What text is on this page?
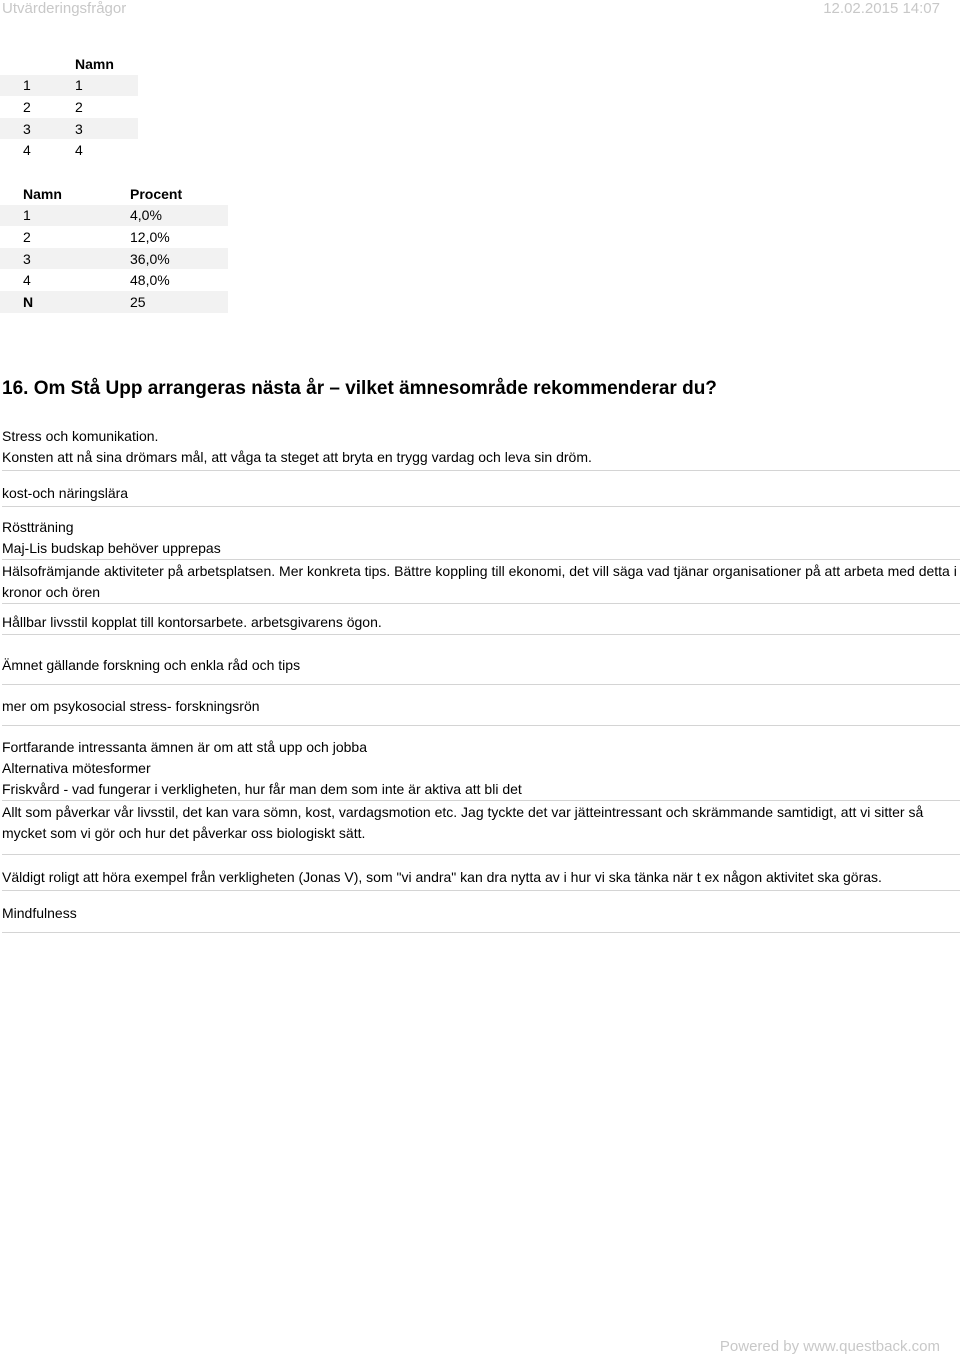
Utvärderingsfrågor	12.02.2015 14:07
	Namn
1	1
2	2
3	3
4	4
Namn	Procent
1	4,0%
2	12,0%
3	36,0%
4	48,0%
N	25
16. Om Stå Upp arrangeras nästa år – vilket ämnesområde rekommenderar du?
Stress och komunikation.
Konsten att nå sina drömars mål, att våga ta steget att bryta en trygg vardag och leva sin dröm.
kost-och näringslära
Röstträning
Maj-Lis budskap behöver upprepas
Hälsofrämjande aktiviteter på arbetsplatsen. Mer konkreta tips. Bättre koppling till ekonomi, det vill säga vad tjänar organisationer på att arbeta med detta i kronor och ören
Hållbar livsstil kopplat till kontorsarbete. arbetsgivarens ögon.
Ämnet gällande forskning och enkla råd och tips
mer om psykosocial stress- forskningsrön
Fortfarande intressanta ämnen är om att stå upp och jobba
Alternativa mötesformer
Friskvård - vad fungerar i verkligheten, hur får man dem som inte är aktiva att bli det
Allt som påverkar vår livsstil, det kan vara sömn, kost, vardagsmotion etc. Jag tyckte det var jätteintressant och skrämmande samtidigt, att vi sitter så mycket som vi gör och hur det påverkar oss biologiskt sätt.
Väldigt roligt att höra exempel från verkligheten (Jonas V), som "vi andra" kan dra nytta av i hur vi ska tänka när t ex någon aktivitet ska göras.
Mindfulness
Powered by www.questback.com
